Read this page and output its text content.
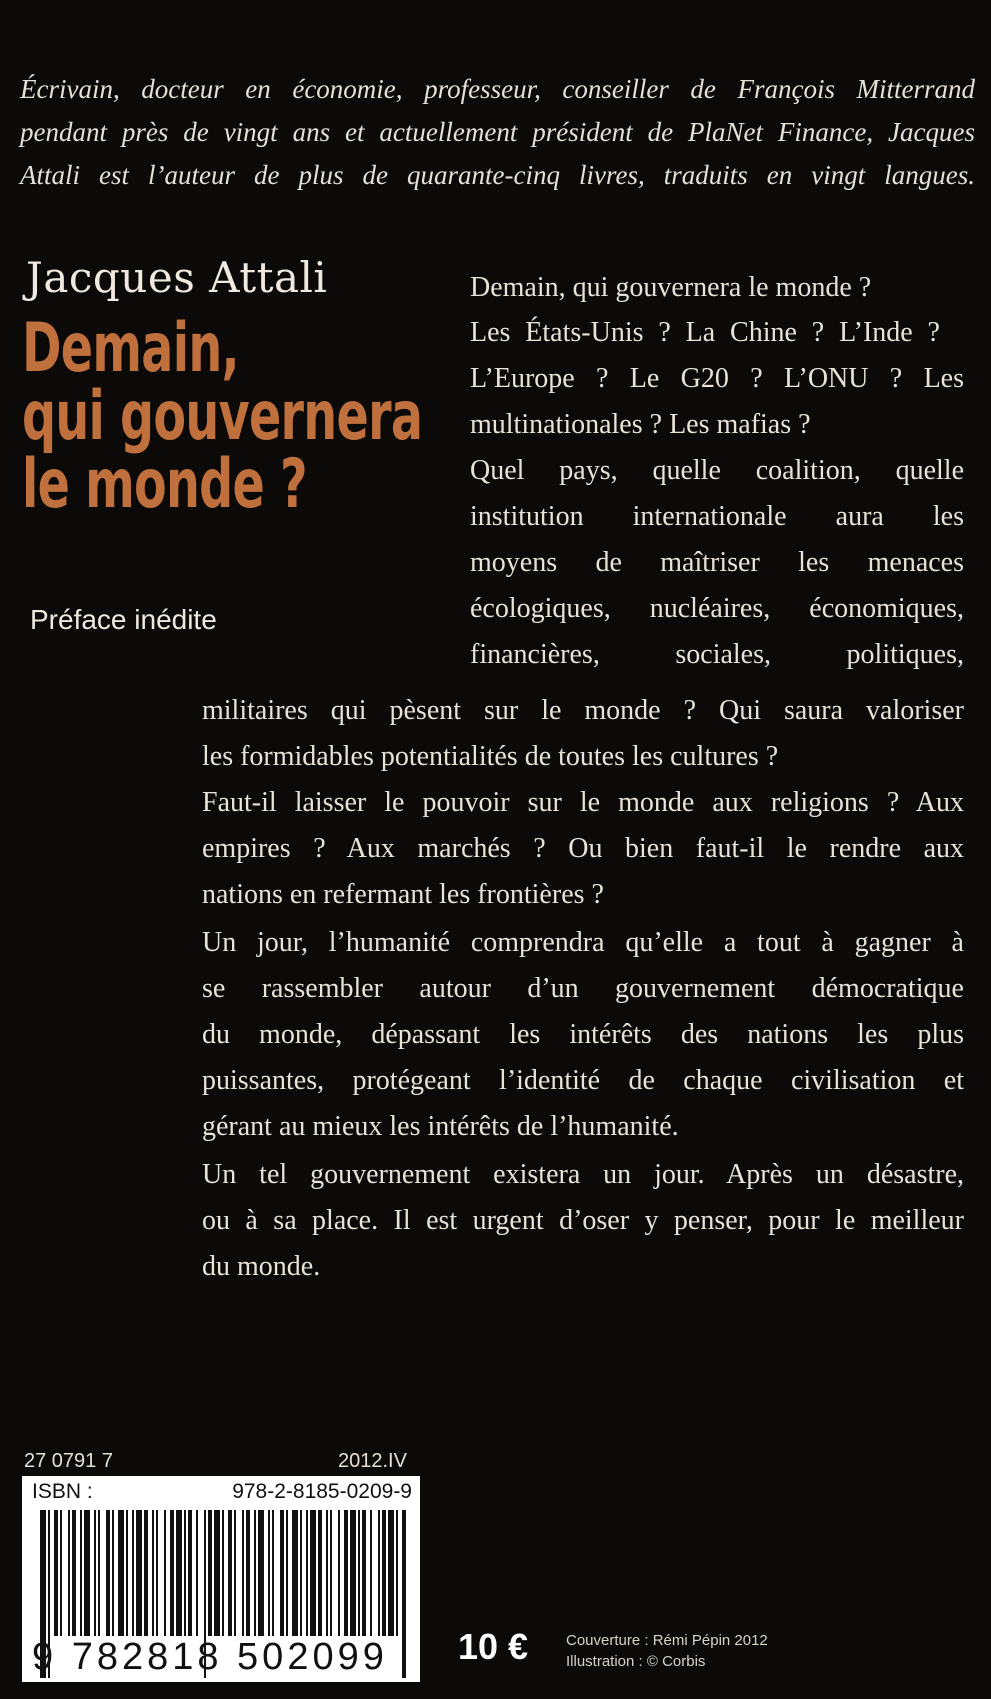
Écrivain, docteur en économie, professeur, conseiller de François Mitterrand
pendant près de vingt ans et actuellement président de PlaNet Finance, Jacques
Attali est l’auteur de plus de quarante-cinq livres, traduits en vingt langues.
Jacques Attali
Demain,
qui gouvernera
le monde ?
Préface inédite
Demain, qui gouvernera le monde ?
Les États-Unis ? La Chine ? L’Inde ?
L’Europe ? Le G20 ? L’ONU ? Les
multinationales ? Les mafias ?
Quel pays, quelle coalition, quelle
institution internationale aura les
moyens de maîtriser les menaces
écologiques, nucléaires, économiques,
financières, sociales, politiques,
militaires qui pèsent sur le monde ? Qui saura valoriser
les formidables potentialités de toutes les cultures ?
Faut-il laisser le pouvoir sur le monde aux religions ? Aux
empires ? Aux marchés ? Ou bien faut-il le rendre aux
nations en refermant les frontières ?
Un jour, l’humanité comprendra qu’elle a tout à gagner à
se rassembler autour d’un gouvernement démocratique
du monde, dépassant les intérêts des nations les plus
puissantes, protégeant l’identité de chaque civilisation et
gérant au mieux les intérêts de l’humanité.
Un tel gouvernement existera un jour. Après un désastre,
ou à sa place. Il est urgent d’oser y penser, pour le meilleur
du monde.
27 0791 7	2012.IV
ISBN :	978-2-8185-0209-9
9 782818 502099	10 €	Couverture : Rémi Pépin 2012
Illustration : © Corbis
